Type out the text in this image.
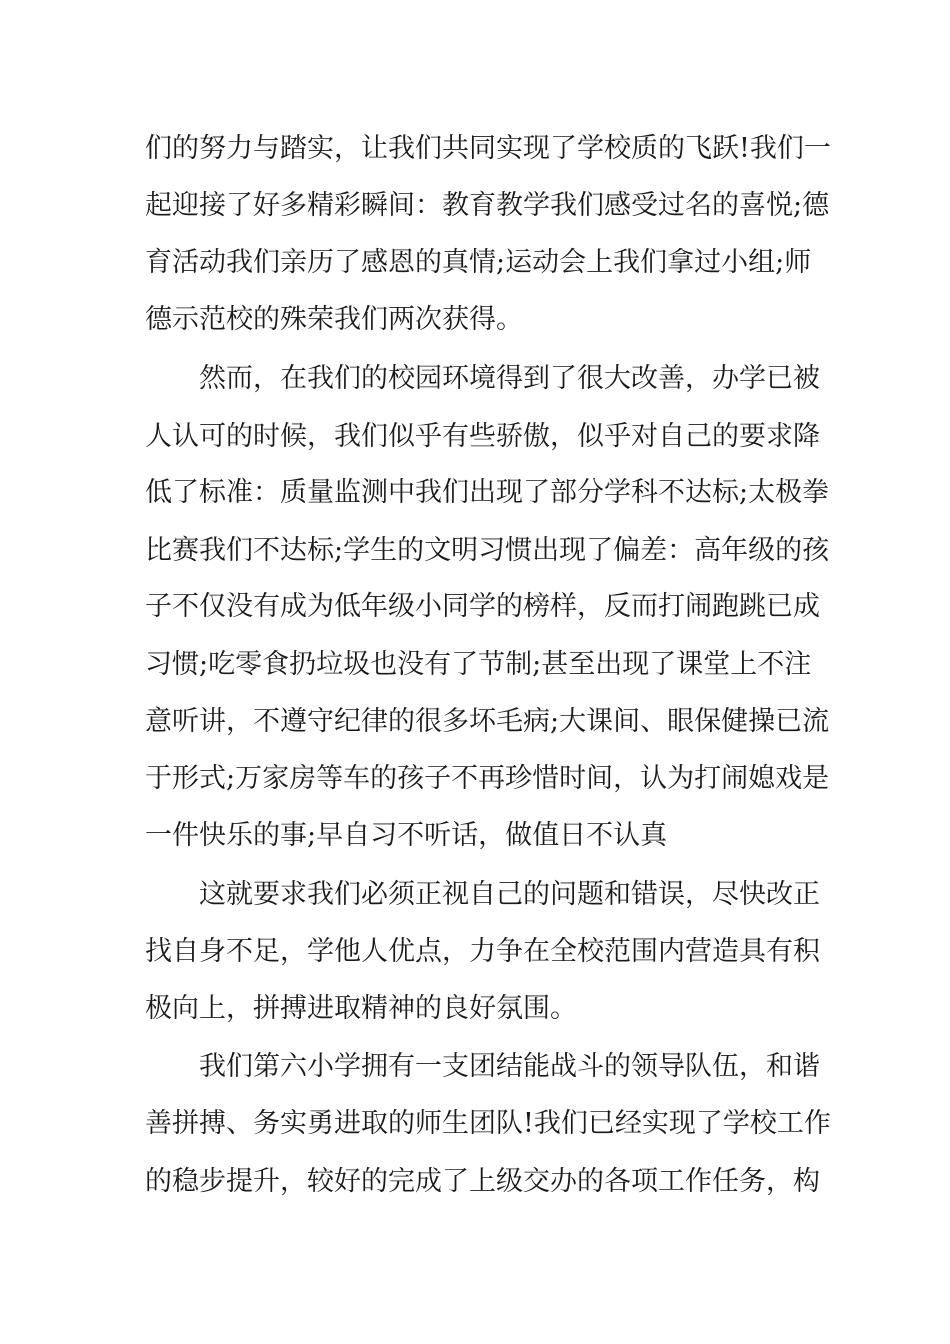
们的努力与踏实，让我们共同实现了学校质的飞跃!我们一
起迎接了好多精彩瞬间：教育教学我们感受过名的喜悦;德
育活动我们亲历了感恩的真情;运动会上我们拿过小组;师
德示范校的殊荣我们两次获得。
然而，在我们的校园环境得到了很大改善，办学已被
人认可的时候，我们似乎有些骄傲，似乎对自己的要求降
低了标准：质量监测中我们出现了部分学科不达标;太极拳
比赛我们不达标;学生的文明习惯出现了偏差：高年级的孩
子不仅没有成为低年级小同学的榜样，反而打闹跑跳已成
习惯;吃零食扔垃圾也没有了节制;甚至出现了课堂上不注
意听讲，不遵守纪律的很多坏毛病;大课间、眼保健操已流
于形式;万家房等车的孩子不再珍惜时间，认为打闹媳戏是
一件快乐的事;早自习不听话，做值日不认真
这就要求我们必须正视自己的问题和错误，尽快改正
找自身不足，学他人优点，力争在全校范围内营造具有积
极向上，拼搏进取精神的良好氛围。
我们第六小学拥有一支团结能战斗的领导队伍，和谐
善拼搏、务实勇进取的师生团队!我们已经实现了学校工作
的稳步提升，较好的完成了上级交办的各项工作任务，构
